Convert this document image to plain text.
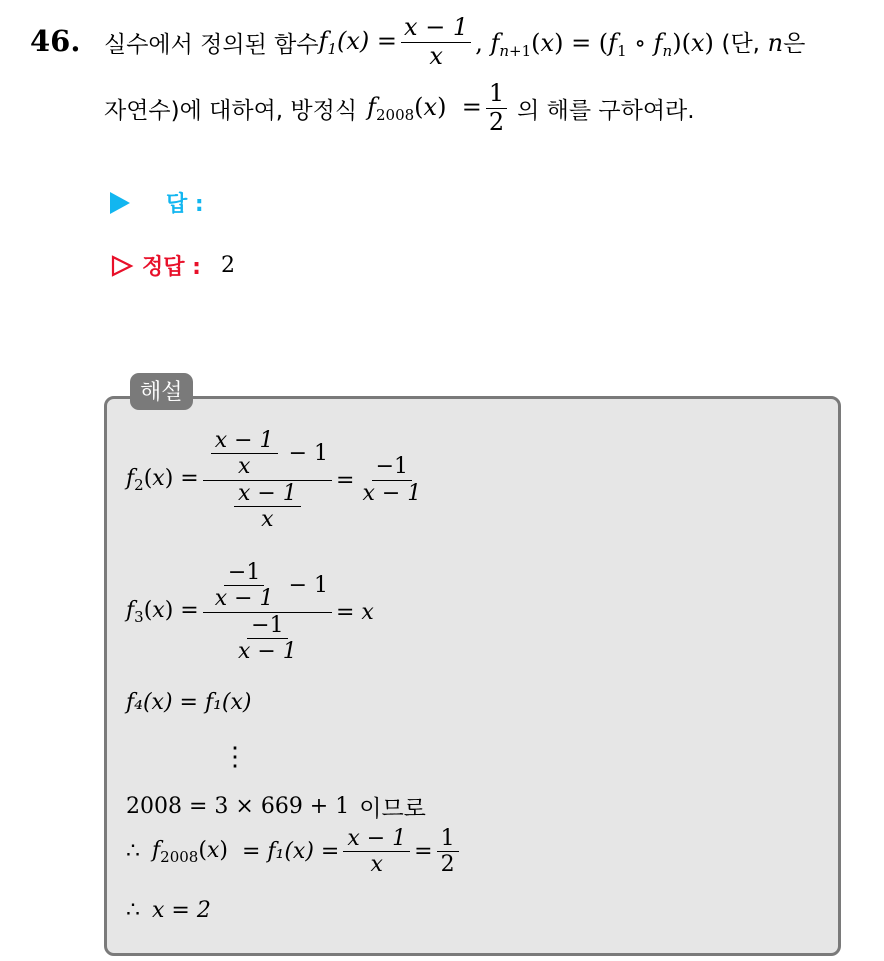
46. 실수에서 정의된 함수 $f_1(x) = \frac{x - 1}{x}$ , $f_{n+1}(x) = (f_1$ ∘ $f_n)(x)$ (단, n은
자연수)에 대하여, 방정식 $f_{2008}(x) = \frac{1}{2}$ 의 해를 구하여라.
답 :
정답 : 2
해설
$f_2(x) = \frac{\frac{x - 1}{x} - 1}{\frac{x - 1}{x}} = \frac{-1}{x - 1}$
$f_3(x) = \frac{\frac{-1}{x - 1} - 1}{\frac{-1}{x - 1}} = x$
f₄(x) = f₁(x)
⋮
2008 = 3 × 669 + 1 이므로
∴ $f_{2008}(x) = f_1(x) = \frac{x - 1}{x} = \frac{1}{2}$
∴ x = 2
